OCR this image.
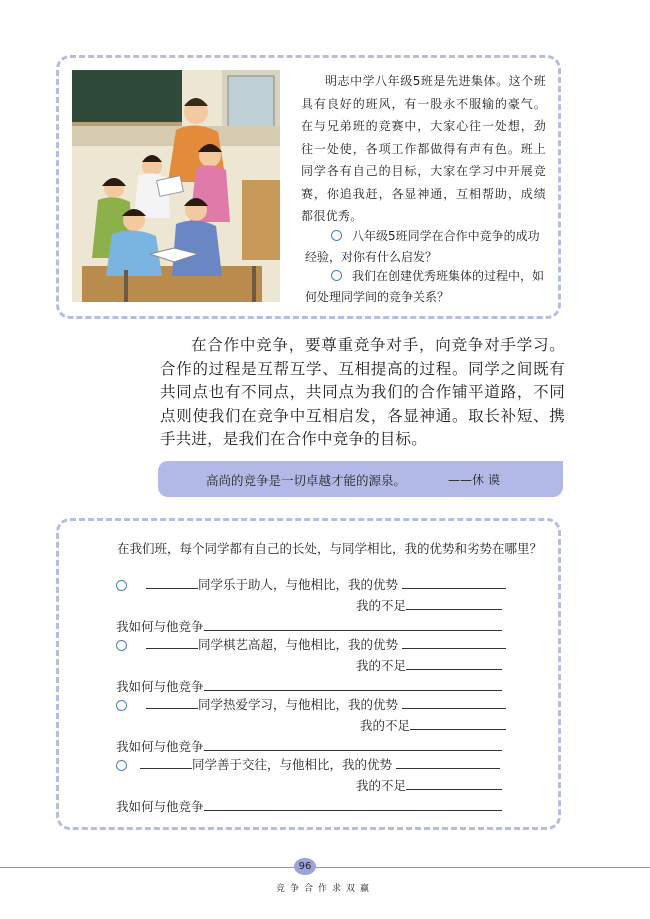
明志中学八年级5班是先进集体。这个班具有良好的班风，有一股永不服输的豪气。在与兄弟班的竞赛中，大家心往一处想，劲往一处使，各项工作都做得有声有色。班上同学各有自己的目标，大家在学习中开展竞赛，你追我赶，各显神通，互相帮助，成绩都很优秀。

八年级5班同学在合作中竞争的成功经验，对你有什么启发？
我们在创建优秀班集体的过程中，如何处理同学间的竞争关系？

在合作中竞争，要尊重竞争对手，向竞争对手学习。合作的过程是互帮互学、互相提高的过程。同学之间既有共同点也有不同点，共同点为我们的合作铺平道路，不同点则使我们在竞争中互相启发，各显神通。取长补短、携手共进，是我们在合作中竞争的目标。

高尚的竞争是一切卓越才能的源泉。	——休 谟
在我们班，每个同学都有自己的长处，与同学相比，我的优势和劣势在哪里？
同学乐于助人，与他相比，我的优势
我的不足
我如何与他竞争
同学棋艺高超，与他相比，我的优势
我的不足
我如何与他竞争
同学热爱学习，与他相比，我的优势
我的不足
我如何与他竞争
同学善于交往，与他相比，我的优势
我的不足
我如何与他竞争
96
竞争合作求双赢
